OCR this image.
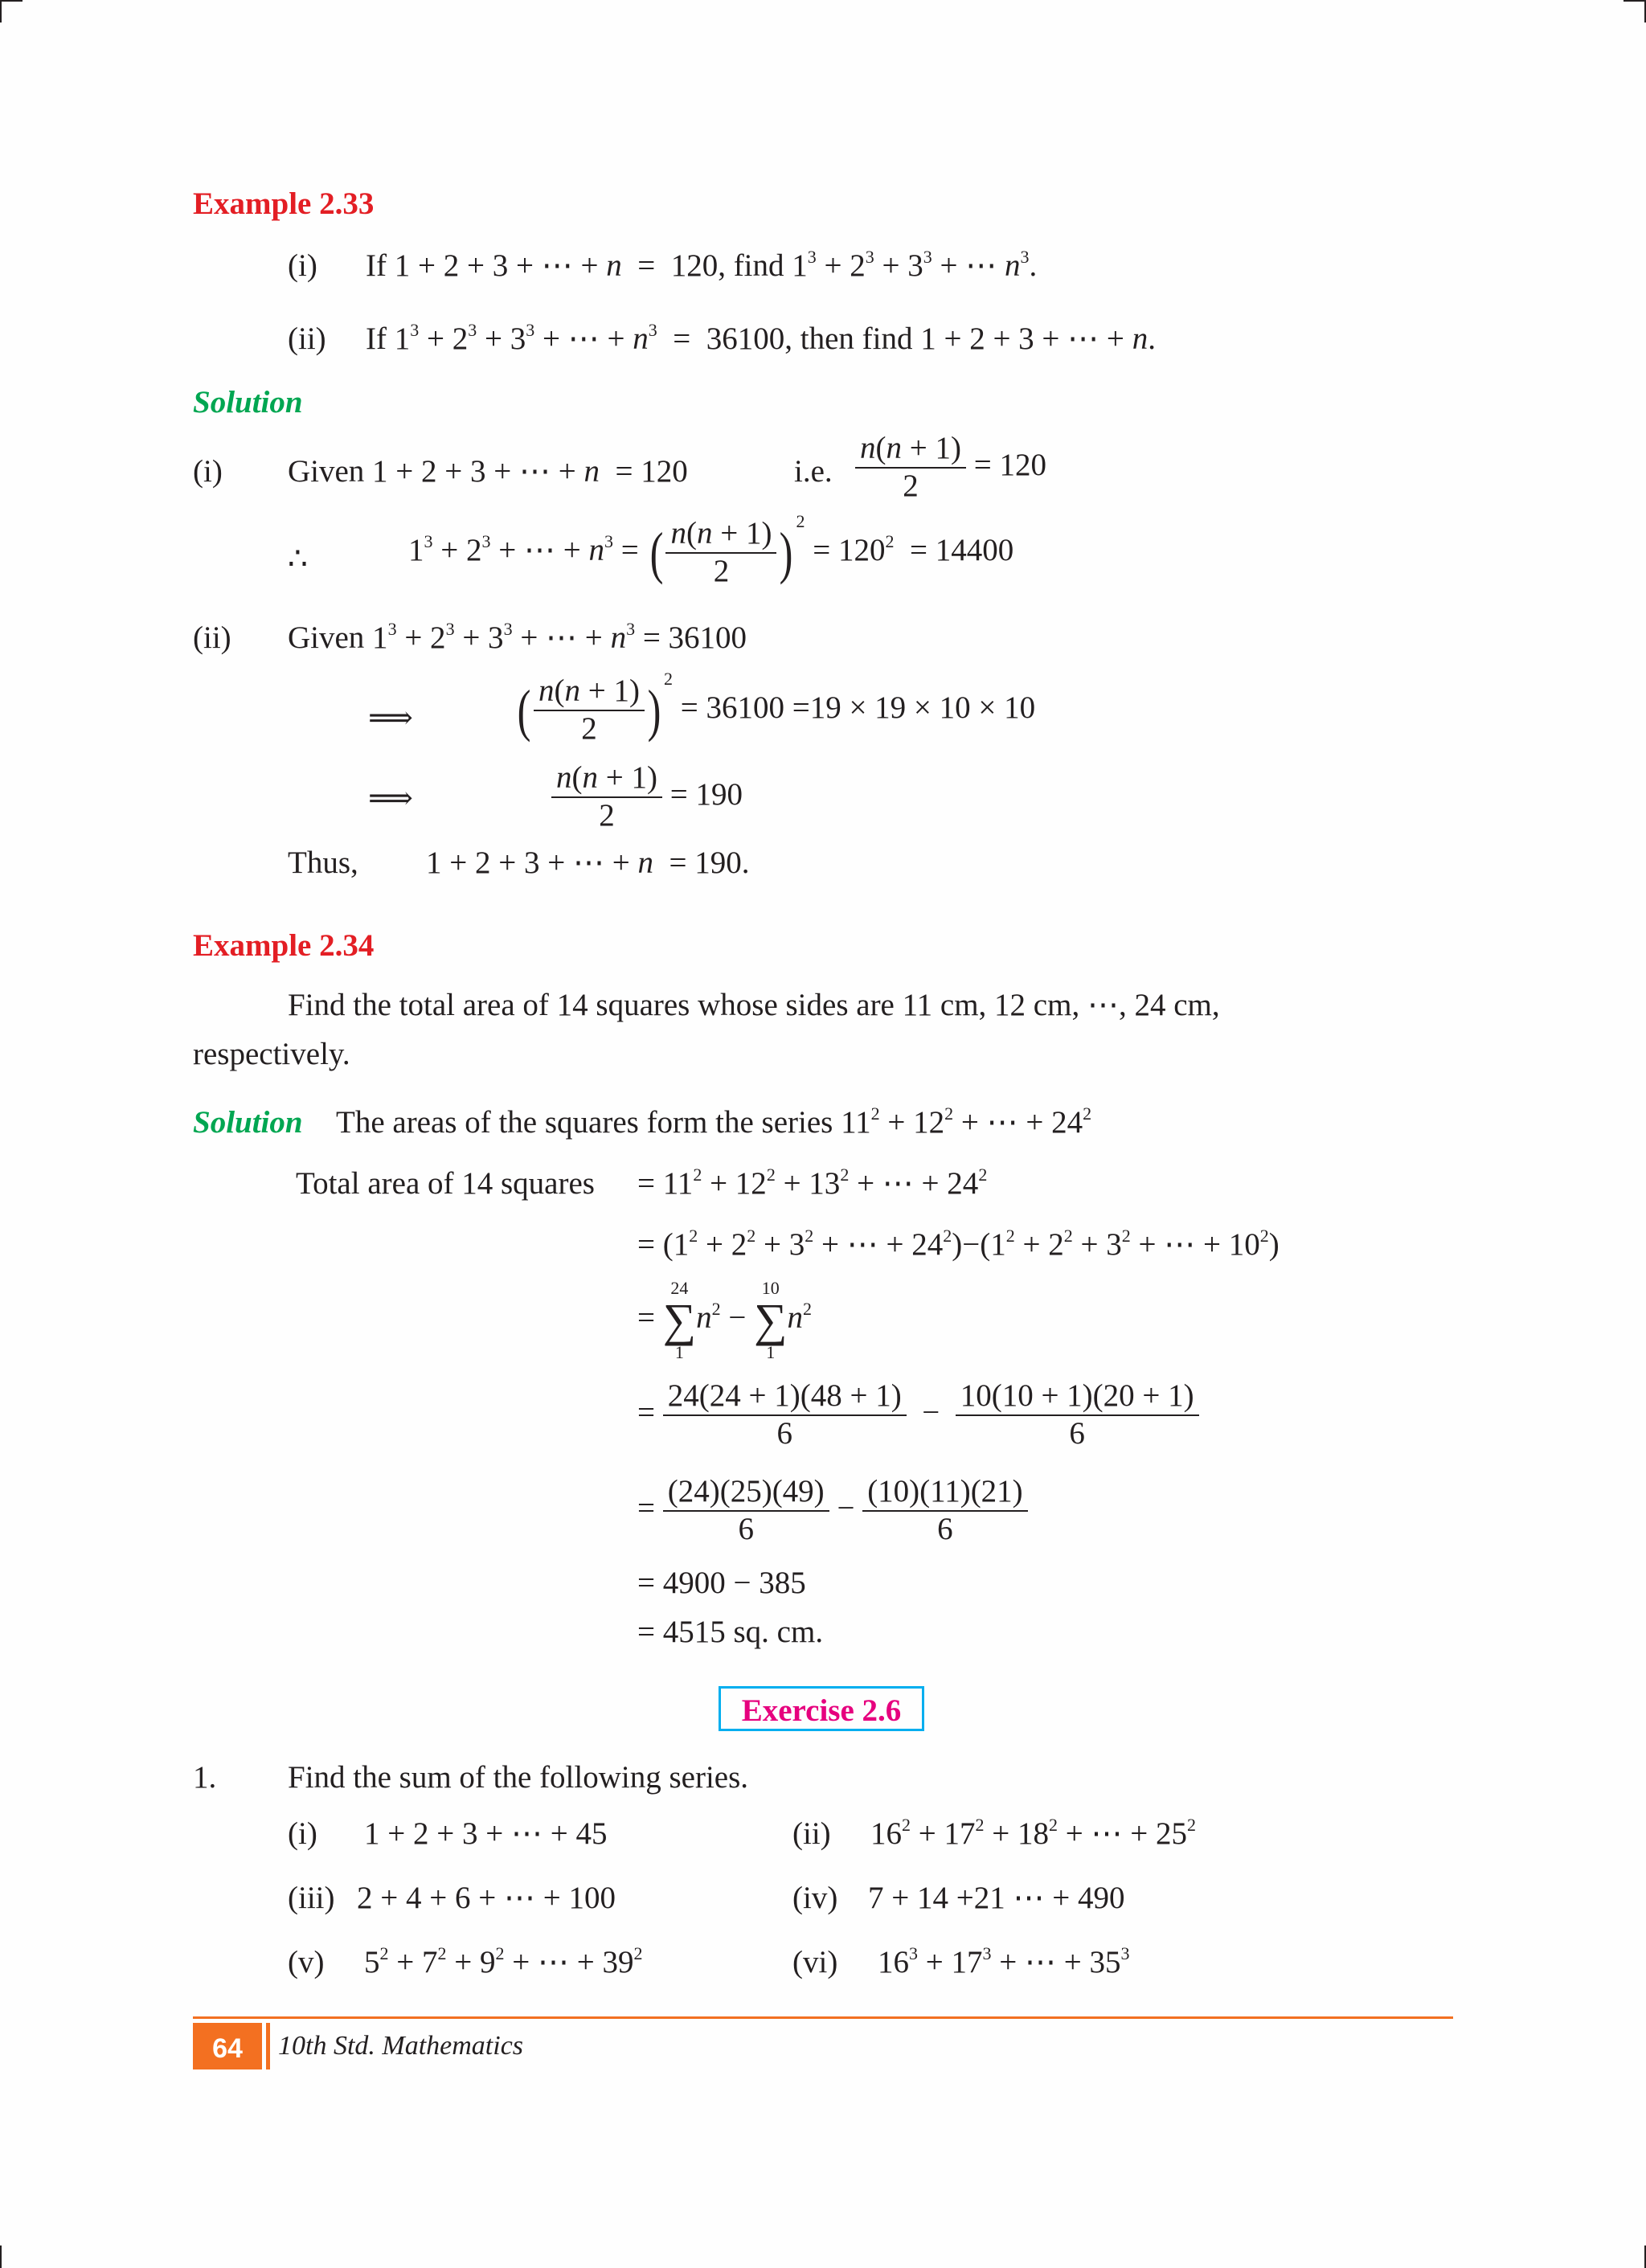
Example 2.33
(i) If 1 + 2 + 3 + ⋯ + n  =  120, find $1^3 + 2^3 + 3^3$ + ⋯ $n^3$.
(ii) If $1^3 + 2^3 + 3^3$ + ⋯ + $n^3 = 36100$, then find 1 + 2 + 3 + ⋯ + n.
Solution
(i) Given 1 + 2 + 3 + ⋯ + n  = 120	i.e. $\frac{n(n + 1)}{2} = 120$
∴	$1^3 + 2^3$ + ⋯ + $n^3$ = ( $\frac{n(n + 1)}{2}$ ) $^2 = 120^2 = 14400$
(ii) Given $1^3 + 2^3 + 3^3$ + ⋯ + $n^3 = 36100$
⟹ ( $\frac{n(n + 1)}{2}$ ) $^2$ = 36100 =19 × 19 × 10 × 10
⟹	$\frac{n(n + 1)}{2} = 190$
Thus, 1 + 2 + 3 + ⋯ + n  = 190.
Example 2.34
Find the total area of 14 squares whose sides are 11 cm, 12 cm, ⋯, 24 cm,
respectively.
Solution The areas of the squares form the series $11^2 + 12^2$ + ⋯ + $24^2$
Total area of 14 squares = $11^2 + 12^2 + 13^2$ + ⋯ + $24^2$
= ($1^2 + 2^2 + 3^2$ + ⋯ + $24^2)-(1^2 + 2^2 + 3^2$ + ⋯ + $10^2$)
=
24
∑
1
$n^2$ −
10
∑
1
$n^2$
= $\frac{24(24 + 1)(48 + 1)}{6} - \frac{10(10 + 1)(20 + 1)}{6}$
= $\frac{(24)(25)(49)}{6} - \frac{(10)(11)(21)}{6}$
= 4900 − 385
= 4515 sq. cm.
Exercise 2.6
1. Find the sum of the following series.
(i) 1 + 2 + 3 + ⋯ + 45	(ii) $16^2 + 17^2 + 18^2$ + ⋯ + $25^2$
(iii) 2 + 4 + 6 + ⋯ + 100	(iv) 7 + 14 +21 ⋯ + 490
(v) $5^2 + 7^2 + 9^2$ + ⋯ + $39^2$	(vi) $16^3 + 17^3$ + ⋯ + $35^3$
64	10th Std. Mathematics
